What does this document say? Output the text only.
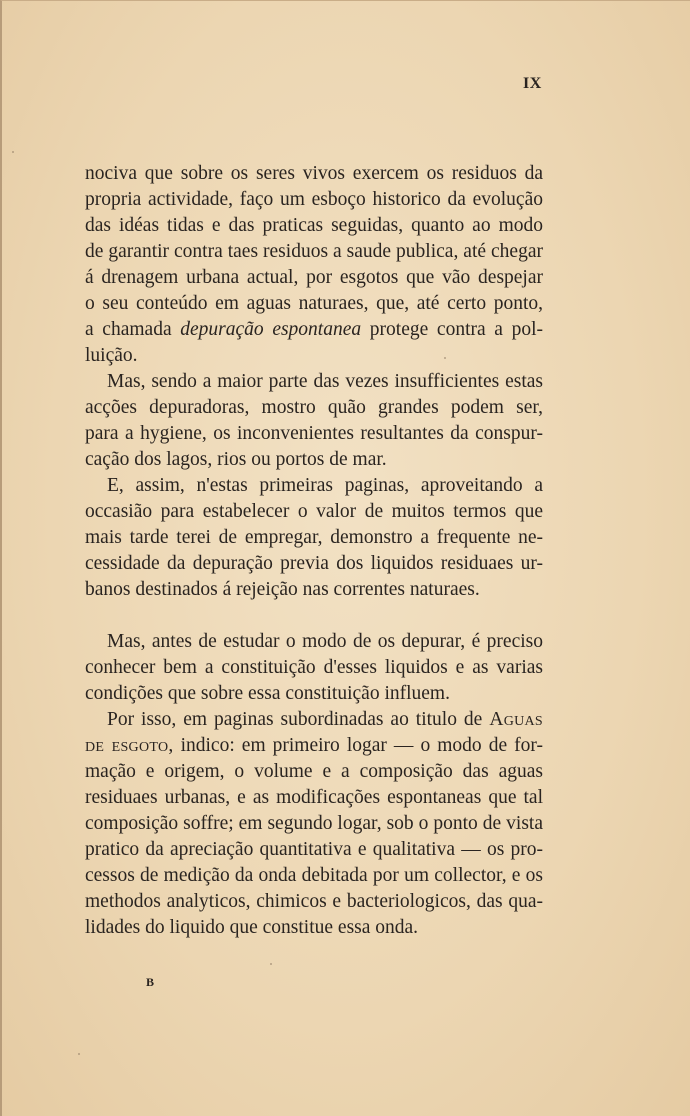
IX
nociva que sobre os seres vivos exercem os residuos da
propria actividade, faço um esboço historico da evolução
das idéas tidas e das praticas seguidas, quanto ao modo
de garantir contra taes residuos a saude publica, até chegar
á drenagem urbana actual, por esgotos que vão despejar
o seu conteúdo em aguas naturaes, que, até certo ponto,
a chamada depuração espontanea protege contra a pol-
luição.
Mas, sendo a maior parte das vezes insufficientes estas
acções depuradoras, mostro quão grandes podem ser,
para a hygiene, os inconvenientes resultantes da conspur-
cação dos lagos, rios ou portos de mar.
E, assim, n'estas primeiras paginas, aproveitando a
occasião para estabelecer o valor de muitos termos que
mais tarde terei de empregar, demonstro a frequente ne-
cessidade da depuração previa dos liquidos residuaes ur-
banos destinados á rejeição nas correntes naturaes.
Mas, antes de estudar o modo de os depurar, é preciso
conhecer bem a constituição d'esses liquidos e as varias
condições que sobre essa constituição influem.
Por isso, em paginas subordinadas ao titulo de Aguas
de esgoto, indico: em primeiro logar — o modo de for-
mação e origem, o volume e a composição das aguas
residuaes urbanas, e as modificações espontaneas que tal
composição soffre; em segundo logar, sob o ponto de vista
pratico da apreciação quantitativa e qualitativa — os pro-
cessos de medição da onda debitada por um collector, e os
methodos analyticos, chimicos e bacteriologicos, das qua-
lidades do liquido que constitue essa onda.
B
